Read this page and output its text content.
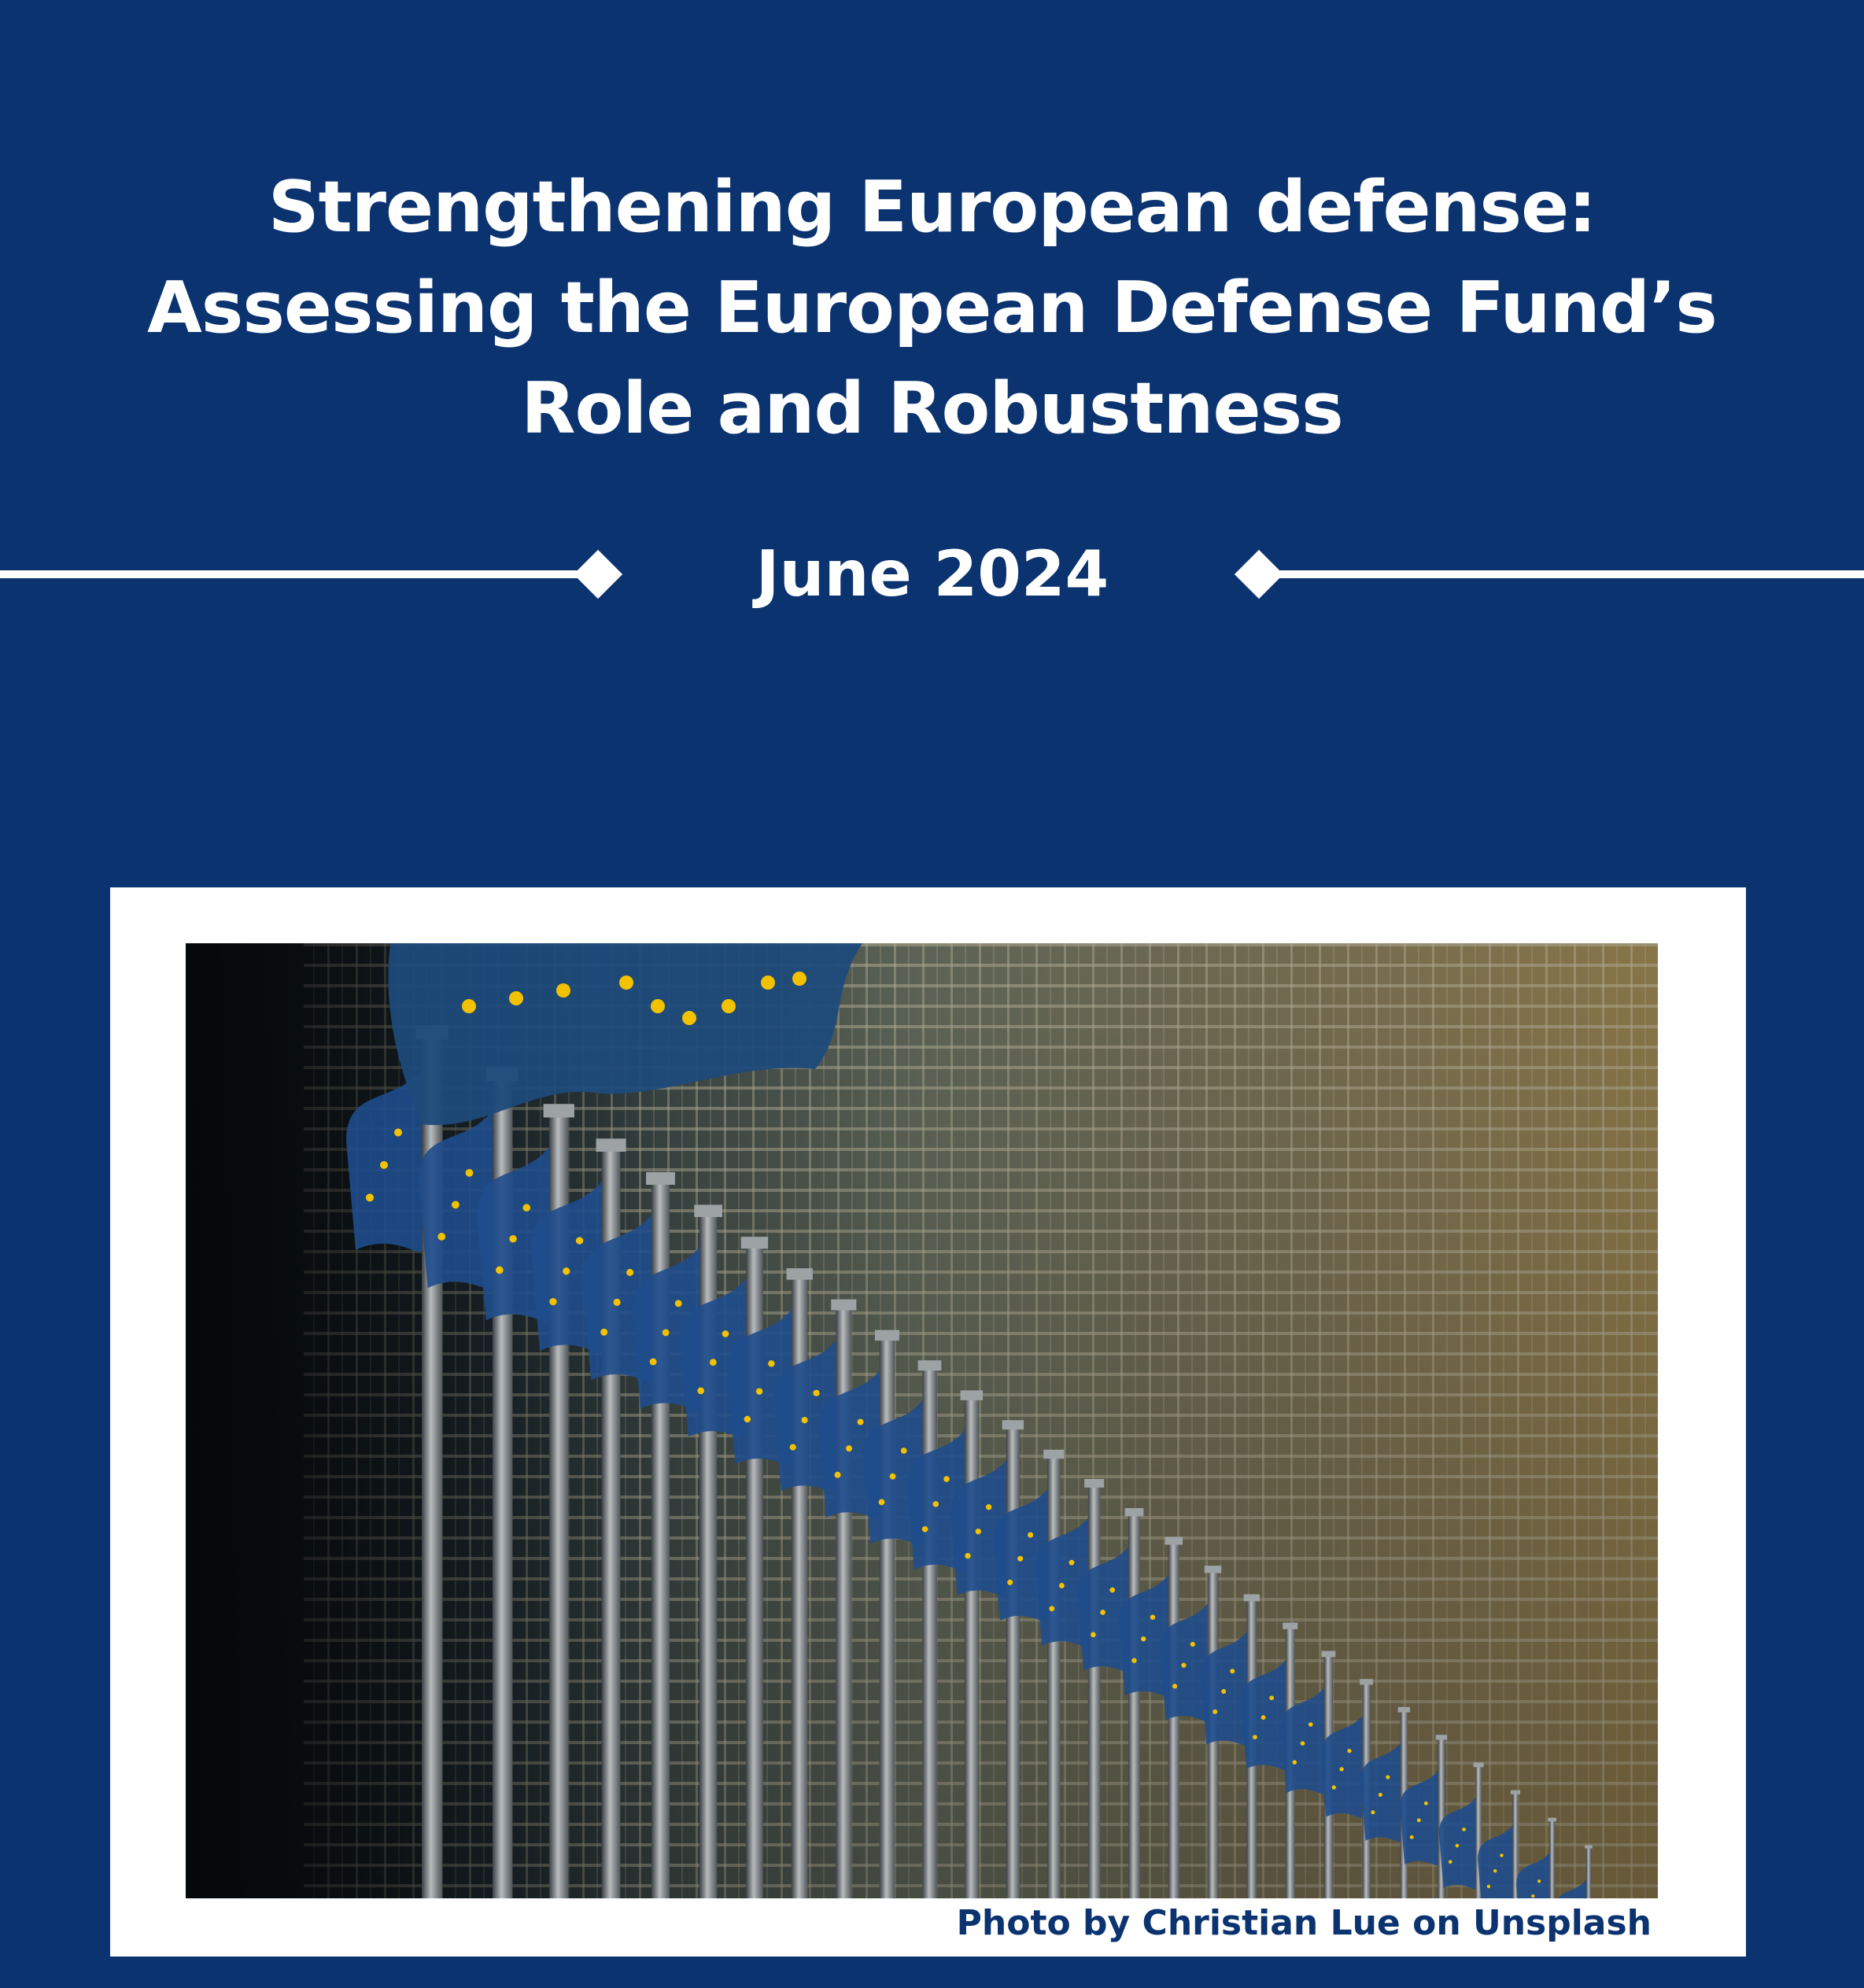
Strengthening European defense:
Assessing the European Defense Fund’s
Role and Robustness
June 2024
Photo by Christian Lue on Unsplash
